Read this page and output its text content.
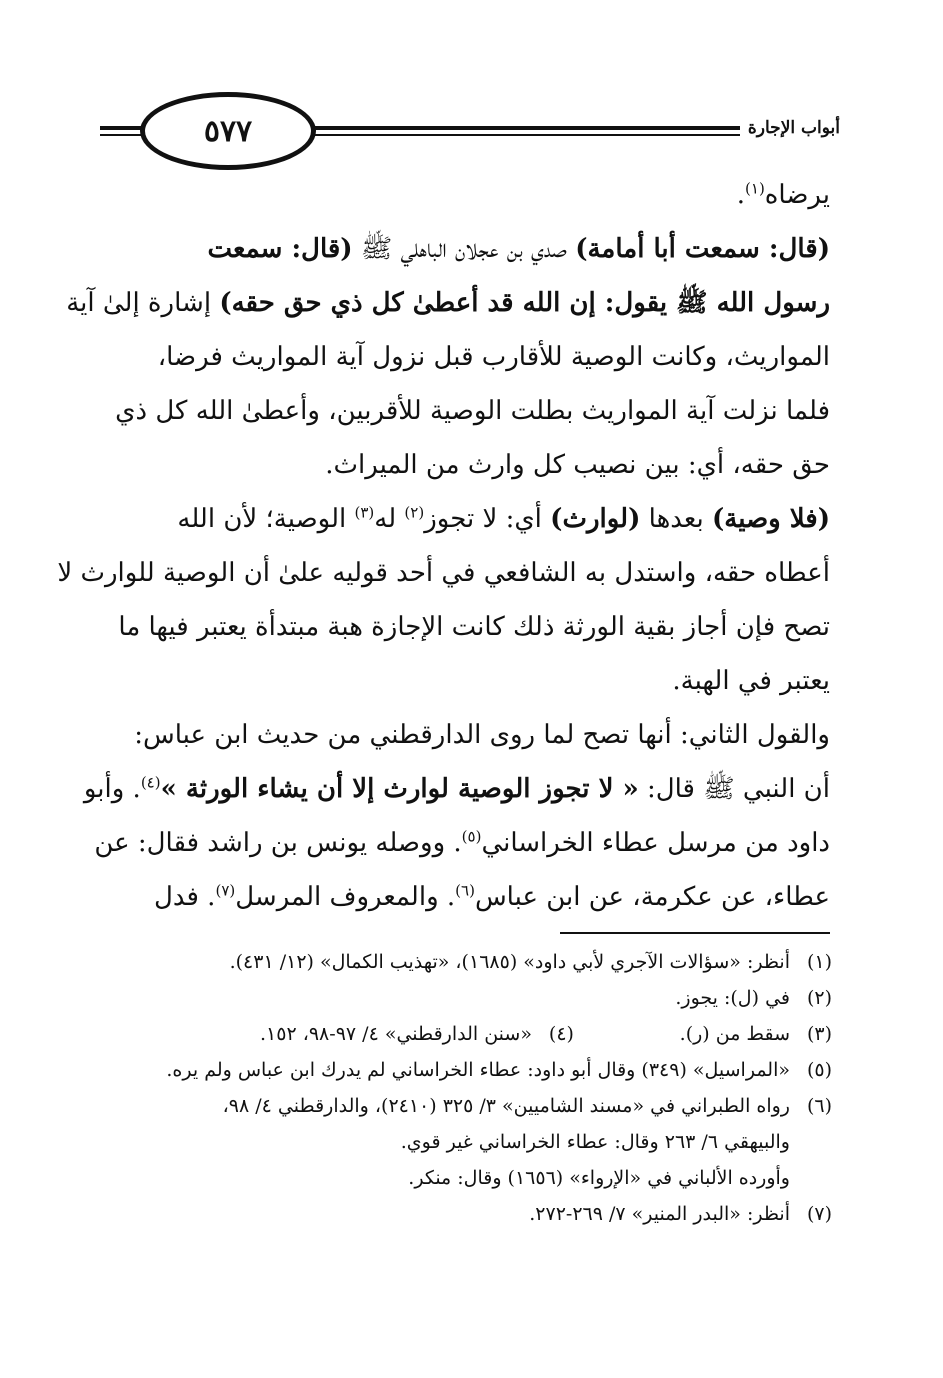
٥٧٧	أبواب الإجارة
يرضاه$^{(١)}$.
(قال: سمعت أبا أمامة) صدي بن عجلان الباهلي ﷺ (قال: سمعت
رسول الله ﷺ يقول: إن الله قد أعطىٰ كل ذي حق حقه) إشارة إلىٰ آية
المواريث، وكانت الوصية للأقارب قبل نزول آية المواريث فرضا،
فلما نزلت آية المواريث بطلت الوصية للأقربين، وأعطىٰ الله كل ذي
حق حقه، أي: بين نصيب كل وارث من الميراث.
(فلا وصية) بعدها (لوارث) أي: لا تجوز$^{(٢)}$ له$^{(٣)}$ الوصية؛ لأن الله
أعطاه حقه، واستدل به الشافعي في أحد قوليه علىٰ أن الوصية للوارث لا
تصح فإن أجاز بقية الورثة ذلك كانت الإجازة هبة مبتدأة يعتبر فيها ما
يعتبر في الهبة.
والقول الثاني: أنها تصح لما روى الدارقطني من حديث ابن عباس:
أن النبي ﷺ قال: « لا تجوز الوصية لوارث إلا أن يشاء الورثة »$^{(٤)}$. وأبو
داود من مرسل عطاء الخراساني$^{(٥)}$. ووصله يونس بن راشد فقال: عن
عطاء، عن عكرمة، عن ابن عباس$^{(٦)}$. والمعروف المرسل$^{(٧)}$. فدل
(١)أنظر: «سؤالات الآجري لأبي داود» (١٦٨٥)، «تهذيب الكمال» (١٢/ ٤٣١).
(٢)في (ل): يجوز.
(٣)سقط من (ر).
(٤)«سنن الدارقطني» ٤/ ٩٧-٩٨، ١٥٢.
(٥)«المراسيل» (٣٤٩) وقال أبو داود: عطاء الخراساني لم يدرك ابن عباس ولم يره.
(٦)رواه الطبراني في «مسند الشاميين» ٣/ ٣٢٥ (٢٤١٠)، والدارقطني ٤/ ٩٨،
والبيهقي ٦/ ٢٦٣ وقال: عطاء الخراساني غير قوي.
وأورده الألباني في «الإرواء» (١٦٥٦) وقال: منكر.
(٧)أنظر: «البدر المنير» ٧/ ٢٦٩-٢٧٢.
